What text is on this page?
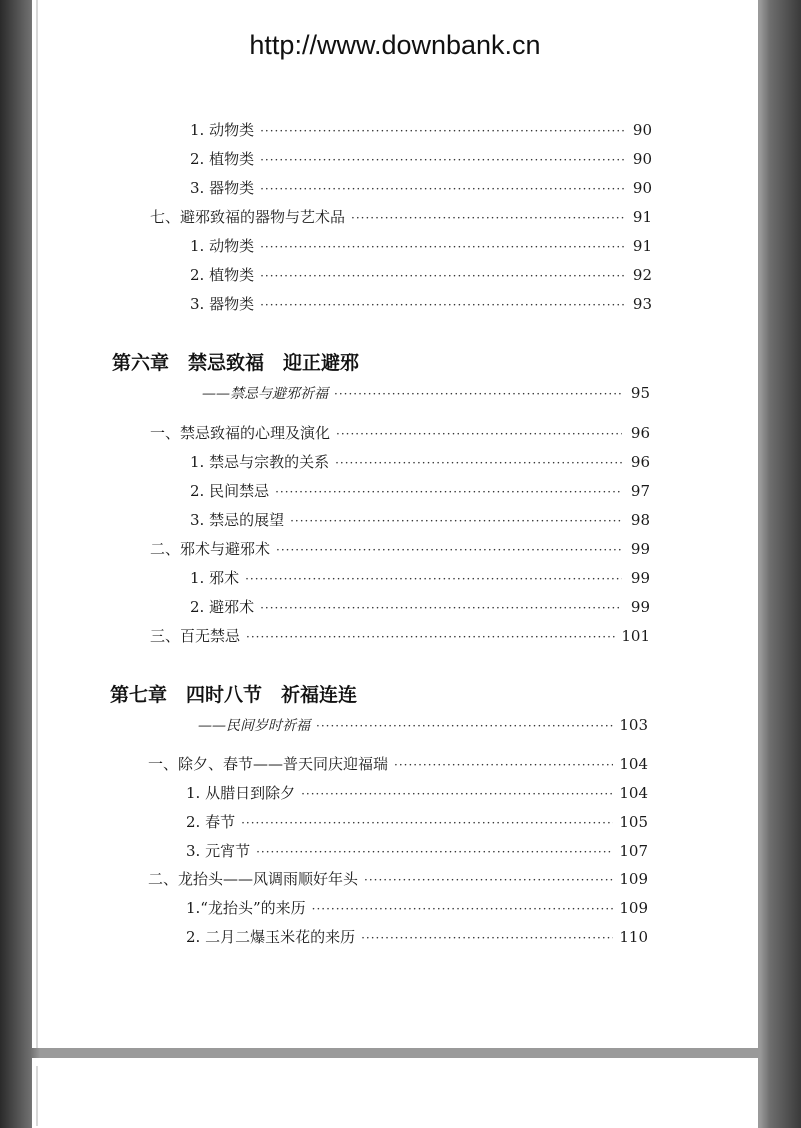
http://www.downbank.cn
1. 动物类 ·····	90
2. 植物类 ·····	90
3. 器物类 ·····	90
七、避邪致福的器物与艺术品 ·····	91
1. 动物类 ·····	91
2. 植物类 ·····	92
3. 器物类 ·····	93
第六章　禁忌致福　迎正避邪
——禁忌与避邪祈福 ·····	95
一、禁忌致福的心理及演化 ·····	96
1. 禁忌与宗教的关系 ·····	96
2. 民间禁忌 ·····	97
3. 禁忌的展望 ·····	98
二、邪术与避邪术 ·····	99
1. 邪术 ·····	99
2. 避邪术 ·····	99
三、百无禁忌 ·····	101
第七章　四时八节　祈福连连
——民间岁时祈福 ·····	103
一、除夕、春节——普天同庆迎福瑞 ·····	104
1. 从腊日到除夕 ·····	104
2. 春节 ·····	105
3. 元宵节 ·····	107
二、龙抬头——风调雨顺好年头 ·····	109
1.“龙抬头”的来历 ·····	109
2. 二月二爆玉米花的来历 ·····	110
